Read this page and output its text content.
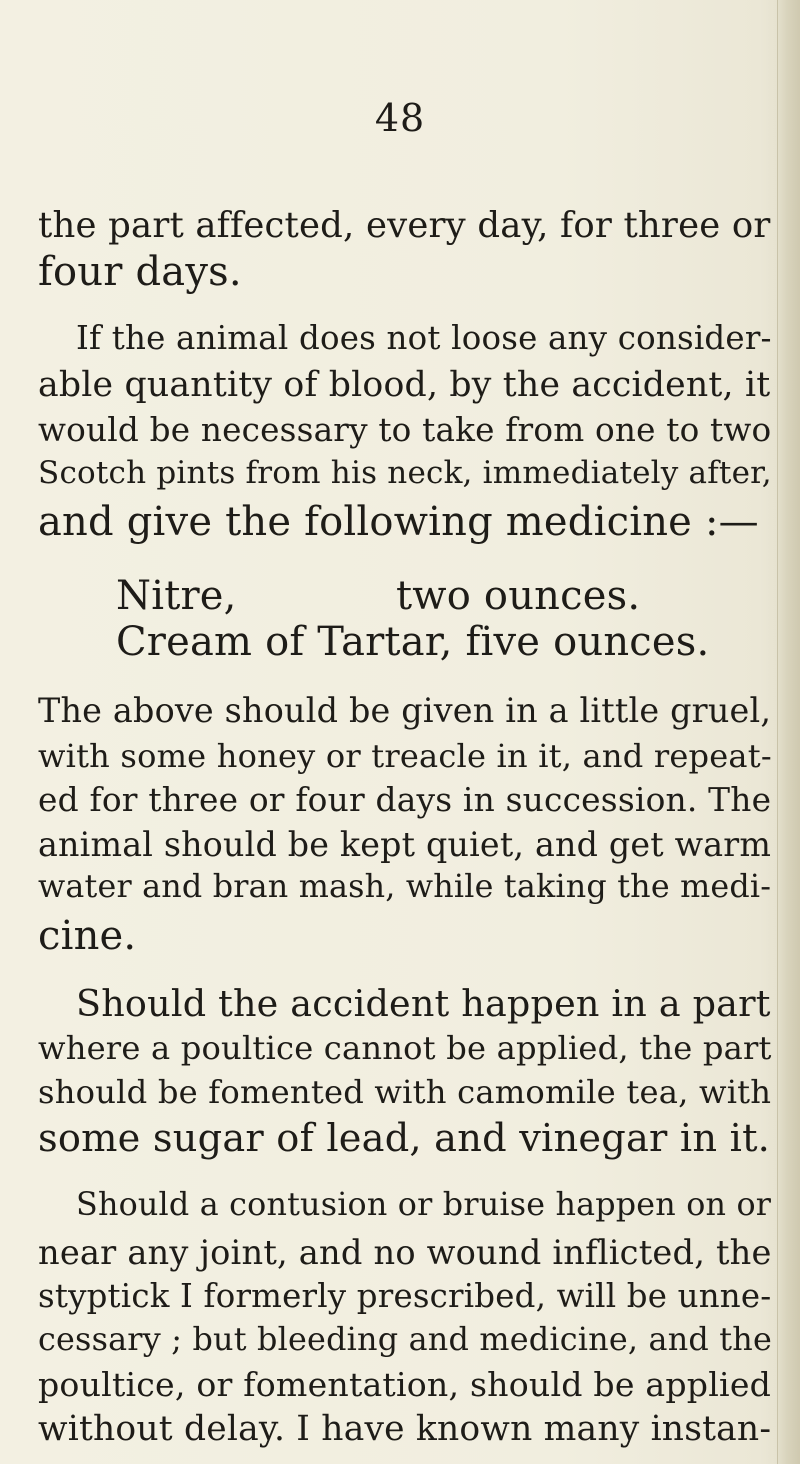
48
the part affected, every day, for three or
four days.
If the animal does not loose any consider-
able quantity of blood, by the accident, it
would be necessary to take from one to two
Scotch pints from his neck, immediately after,
and give the following medicine :—
Nitre,	two ounces.
Cream of Tartar, five ounces.
The above should be given in a little gruel,
with some honey or treacle in it, and repeat-
ed for three or four days in succession. The
animal should be kept quiet, and get warm
water and bran mash, while taking the medi-
cine.
Should the accident happen in a part
where a poultice cannot be applied, the part
should be fomented with camomile tea, with
some sugar of lead, and vinegar in it.
Should a contusion or bruise happen on or
near any joint, and no wound inflicted, the
styptick I formerly prescribed, will be unne-
cessary ; but bleeding and medicine, and the
poultice, or fomentation, should be applied
without delay. I have known many instan-
